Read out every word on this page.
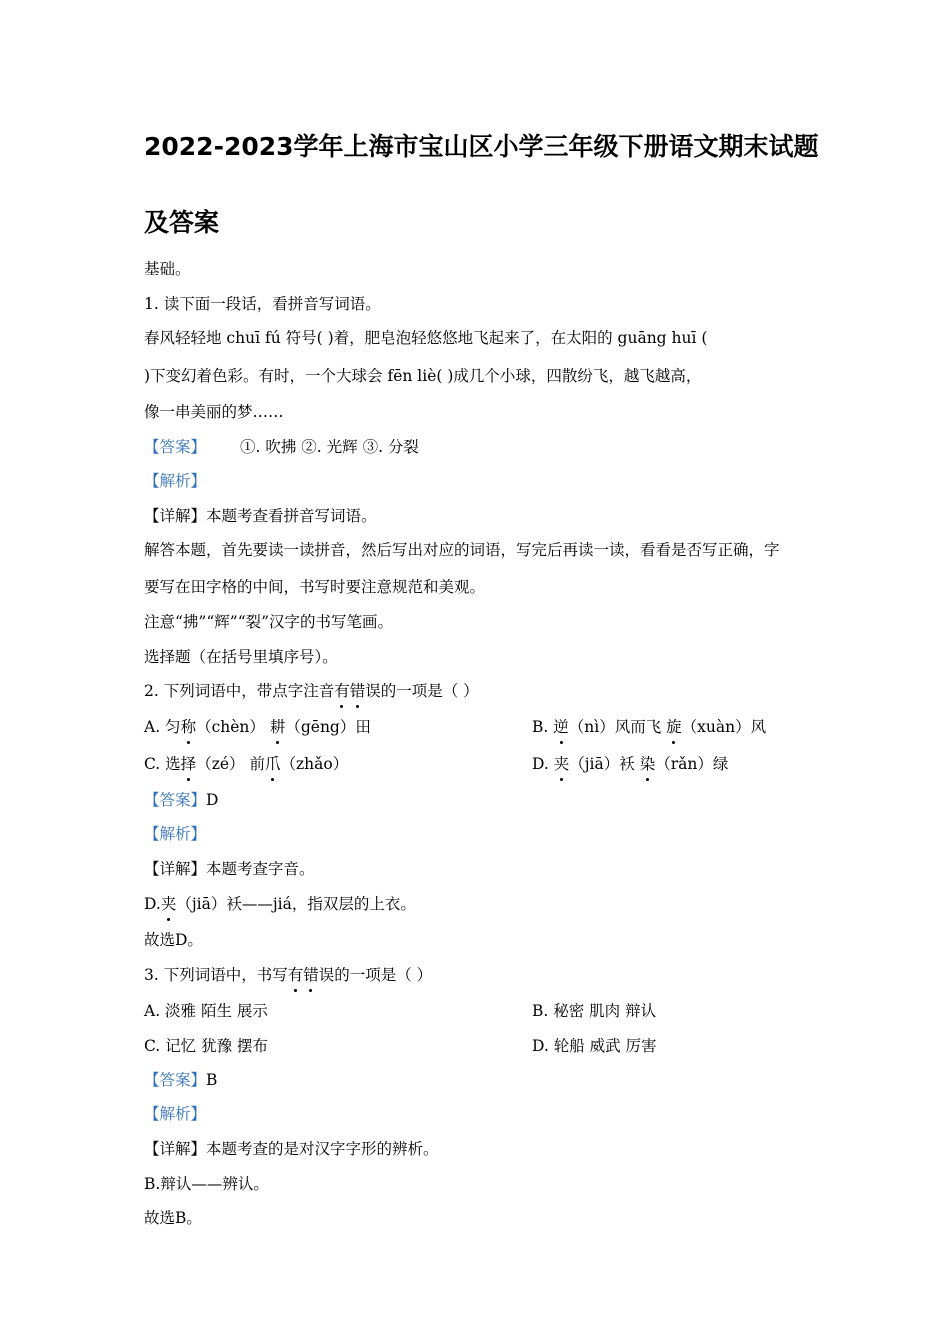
2022-2023学年上海市宝山区小学三年级下册语文期末试题
及答案
基础。
1. 读下面一段话，看拼音写词语。
春风轻轻地 chuī fú 符号( )着，肥皂泡轻悠悠地飞起来了，在太阳的 guāng huī (
)下变幻着色彩。有时，一个大球会 fēn liè( )成几个小球，四散纷飞，越飞越高，
像一串美丽的梦……
【答案】 ①. 吹拂 ②. 光辉 ③. 分裂
【解析】
【详解】本题考查看拼音写词语。
解答本题，首先要读一读拼音，然后写出对应的词语，写完后再读一读，看看是否写正确，字
要写在田字格的中间，书写时要注意规范和美观。
注意“拂”“辉”“裂”汉字的书写笔画。
选择题（在括号里填序号）。
2. 下列词语中，带点字注音有错误的一项是（ ）
A. 匀称（chèn） 耕（gēng）田	B. 逆（nì）风而飞 旋（xuàn）风
C. 选择（zé） 前爪（zhǎo）	D. 夹（jiā）袄 染（rǎn）绿
【答案】D
【解析】
【详解】本题考查字音。
D.夹（jiā）袄——jiá，指双层的上衣。
故选D。
3. 下列词语中，书写有错误的一项是（ ）
A. 淡雅 陌生 展示	B. 秘密 肌肉 辩认
C. 记忆 犹豫 摆布	D. 轮船 威武 厉害
【答案】B
【解析】
【详解】本题考查的是对汉字字形的辨析。
B.辩认——辨认。
故选B。
